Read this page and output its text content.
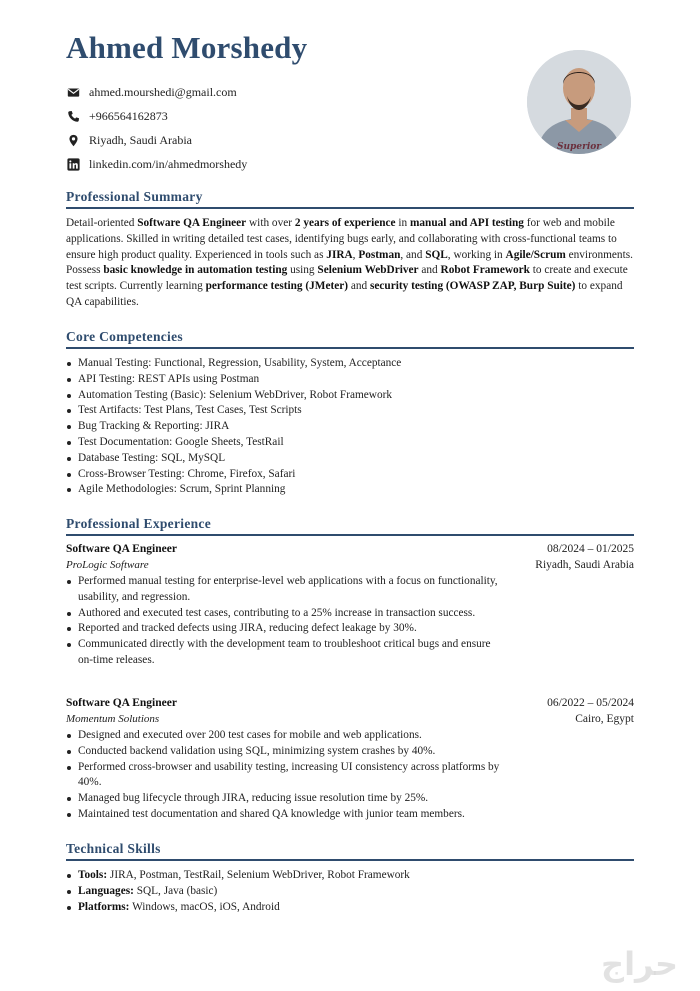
Ahmed Morshedy
ahmed.mourshedi@gmail.com
+966564162873
Riyadh, Saudi Arabia
linkedin.com/in/ahmedmorshedy
Superior
Professional Summary

Detail-oriented Software QA Engineer with over 2 years of experience in manual and API testing for web and mobile applications. Skilled in writing detailed test cases, identifying bugs early, and collaborating with cross-functional teams to ensure high product quality. Experienced in tools such as JIRA, Postman, and SQL, working in Agile/Scrum environments. Possess basic knowledge in automation testing using Selenium WebDriver and Robot Framework to create and execute test scripts. Currently learning performance testing (JMeter) and security testing (OWASP ZAP, Burp Suite) to expand QA capabilities.

Core Competencies
Manual Testing: Functional, Regression, Usability, System, Acceptance
API Testing: REST APIs using Postman
Automation Testing (Basic): Selenium WebDriver, Robot Framework
Test Artifacts: Test Plans, Test Cases, Test Scripts
Bug Tracking & Reporting: JIRA
Test Documentation: Google Sheets, TestRail
Database Testing: SQL, MySQL
Cross-Browser Testing: Chrome, Firefox, Safari
Agile Methodologies: Scrum, Sprint Planning
Professional Experience
Software QA Engineer	08/2024 – 01/2025
ProLogic Software	Riyadh, Saudi Arabia
Performed manual testing for enterprise-level web applications with a focus on functionality, usability, and regression.
Authored and executed test cases, contributing to a 25% increase in transaction success.
Reported and tracked defects using JIRA, reducing defect leakage by 30%.
Communicated directly with the development team to troubleshoot critical bugs and ensure on-time releases.
Software QA Engineer	06/2022 – 05/2024
Momentum Solutions	Cairo, Egypt
Designed and executed over 200 test cases for mobile and web applications.
Conducted backend validation using SQL, minimizing system crashes by 40%.
Performed cross-browser and usability testing, increasing UI consistency across platforms by 40%.
Managed bug lifecycle through JIRA, reducing issue resolution time by 25%.
Maintained test documentation and shared QA knowledge with junior team members.
Technical Skills
Tools: JIRA, Postman, TestRail, Selenium WebDriver, Robot Framework
Languages: SQL, Java (basic)
Platforms: Windows, macOS, iOS, Android
حراج
